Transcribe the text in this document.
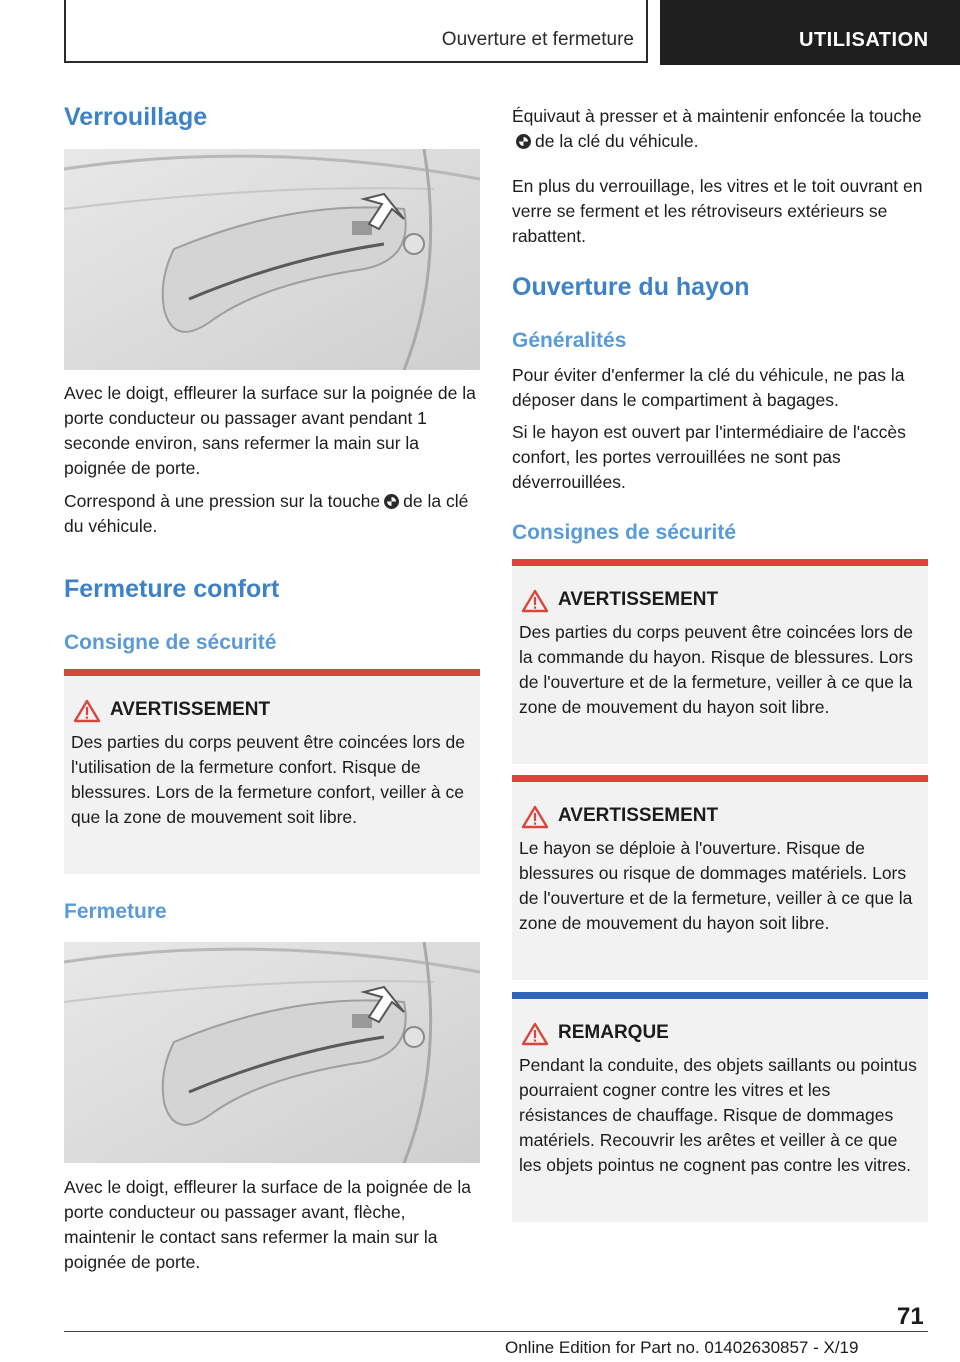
Ouverture et fermeture	UTILISATION
Verrouillage

Avec le doigt, effleurer la surface sur la poignée de la porte conducteur ou passager avant pendant 1 seconde environ, sans refermer la main sur la poignée de porte.

Correspond à une pression sur la touche de la clé du véhicule.

Fermeture confort
Consigne de sécurité
AVERTISSEMENT
Des parties du corps peuvent être coincées lors de l'utilisation de la fermeture confort. Risque de blessures. Lors de la fermeture confort, veiller à ce que la zone de mouvement soit libre.
Fermeture

Avec le doigt, effleurer la surface de la poignée de la porte conducteur ou passager avant, flèche, maintenir le contact sans refermer la main sur la poignée de porte.

Équivaut à presser et à maintenir enfoncée la touchede la clé du véhicule.

En plus du verrouillage, les vitres et le toit ouvrant en verre se ferment et les rétroviseurs extérieurs se rabattent.

Ouverture du hayon
Généralités

Pour éviter d'enfermer la clé du véhicule, ne pas la déposer dans le compartiment à bagages.

Si le hayon est ouvert par l'intermédiaire de l'accès confort, les portes verrouillées ne sont pas déverrouillées.

Consignes de sécurité
AVERTISSEMENT
Des parties du corps peuvent être coincées lors de la commande du hayon. Risque de blessures. Lors de l'ouverture et de la fermeture, veiller à ce que la zone de mouvement du hayon soit libre.
AVERTISSEMENT
Le hayon se déploie à l'ouverture. Risque de blessures ou risque de dommages matériels. Lors de l'ouverture et de la fermeture, veiller à ce que la zone de mouvement du hayon soit libre.
REMARQUE
Pendant la conduite, des objets saillants ou pointus pourraient cogner contre les vitres et les résistances de chauffage. Risque de dommages matériels. Recouvrir les arêtes et veiller à ce que les objets pointus ne cognent pas contre les vitres.
71
Online Edition for Part no. 01402630857 - X/19
